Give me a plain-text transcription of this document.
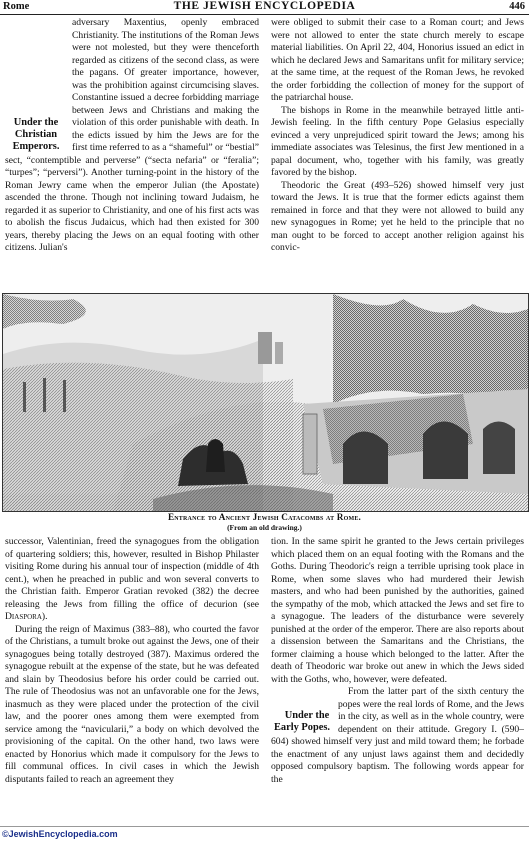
Rome	THE JEWISH ENCYCLOPEDIA	446

Under the Christian Emperors.
adversary Maxentius, openly embraced Christianity. The institutions of the Roman Jews were not molested, but they were thenceforth regarded as citizens of the second class, as were the pagans. Of greater importance, however, was the prohibition against circumcising slaves. Constantine issued a decree forbidding marriage between Jews and Christians and making the violation of this order punishable with death. In the edicts issued by him the Jews are for the first time referred to as a “shameful” or “bestial” sect, “contemptible and perverse” (“secta nefaria” or “feralia”; “turpes”; “perversi”). Another turning-point in the history of the Roman Jewry came when the emperor Julian (the Apostate) ascended the throne. Though not inclining toward Judaism, he regarded it as superior to Christianity, and one of his first acts was to abolish the fiscus Judaicus, which had then existed for 300 years, thereby placing the Jews on an equal footing with other citizens. Julian's

were obliged to submit their case to a Roman court; and Jews were not allowed to enter the state church merely to escape material liabilities. On April 22, 404, Honorius issued an edict in which he declared Jews and Samaritans unfit for military service; at the same time, at the request of the Roman Jews, he revoked the order forbidding the collection of money for the support of the patriarchal house.

The bishops in Rome in the meanwhile betrayed little anti-Jewish feeling. In the fifth century Pope Gelasius especially evinced a very unprejudiced spirit toward the Jews; among his immediate associates was Telesinus, the first Jew mentioned in a papal document, who, together with his family, was greatly favored by the bishop.

Theodoric the Great (493–526) showed himself very just toward the Jews. It is true that the former edicts against them remained in force and that they were not allowed to build any new synagogues in Rome; yet he held to the principle that no man ought to be forced to accept another religion against his convic-

Entrance to Ancient Jewish Catacombs at Rome.
(From an old drawing.)

successor, Valentinian, freed the synagogues from the obligation of quartering soldiers; this, however, resulted in Bishop Philaster visiting Rome during his annual tour of inspection (middle of 4th cent.), when he preached in public and won several converts to the Christian faith. Emperor Gratian revoked (382) the decree releasing the Jews from filling the office of decurion (see Diaspora).

During the reign of Maximus (383–88), who courted the favor of the Christians, a tumult broke out against the Jews, one of their synagogues being totally destroyed (387). Maximus ordered the synagogue rebuilt at the expense of the state, but he was defeated and slain by Theodosius before his order could be carried out. The rule of Theodosius was not an unfavorable one for the Jews, inasmuch as they were placed under the protection of the civil law, and the poorer ones among them were exempted from service among the “navicularii,” a body on which devolved the provisioning of the capital. On the other hand, two laws were enacted by Honorius which made it compulsory for the Jews to fill communal offices. In civil cases in which the Jewish disputants failed to reach an agreement they

tion. In the same spirit he granted to the Jews certain privileges which placed them on an equal footing with the Romans and the Goths. During Theodoric's reign a terrible uprising took place in Rome, when some slaves who had murdered their Jewish masters, and who had been punished by the authorities, gained the sympathy of the mob, which attacked the Jews and set fire to a synagogue. The leaders of the disturbance were severely punished at the order of the emperor. There are also reports about a dissension between the Samaritans and the Christians, the former claiming a house which belonged to the latter. After the death of Theodoric war broke out anew in which the Jews sided with the Goths, who, however, were defeated.

Under the Early Popes.
From the latter part of the sixth century the popes were the real lords of Rome, and the Jews in the city, as well as in the whole country, were dependent on their attitude. Gregory I. (590–604) showed himself very just and mild toward them; he forbade the enactment of any unjust laws against them and decidedly opposed compulsory baptism. The following words appear for the

©JewishEncyclopedia.com
